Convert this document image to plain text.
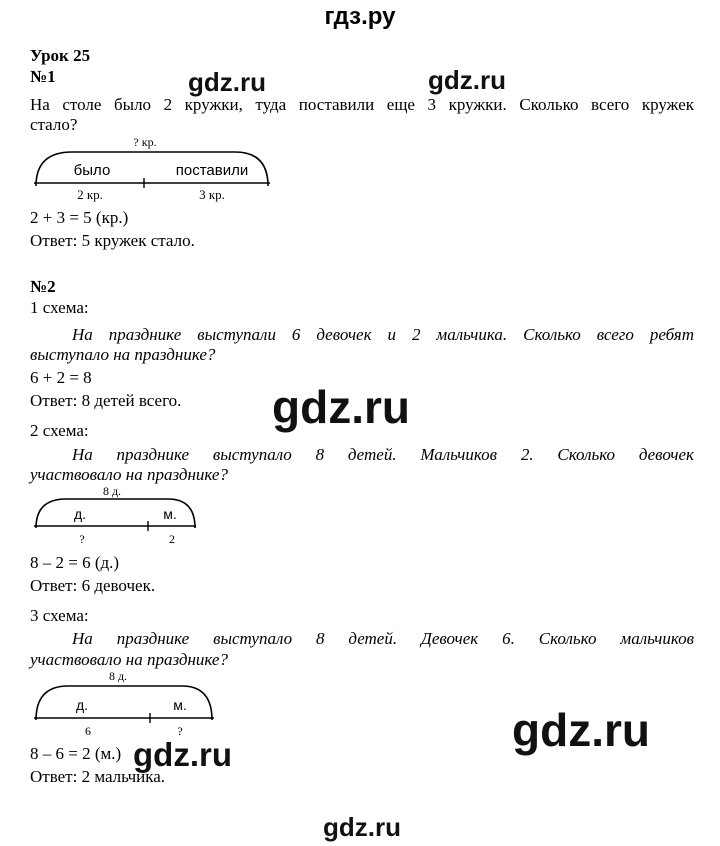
гдз.ру
Урок 25
№1
На столе было 2 кружки, туда поставили еще 3 кружки. Сколько всего кружек
стало?
? кр.
было	поставили
2 кр.	3 кр.
2 + 3 = 5 (кр.)
Ответ: 5 кружек стало.
№2
1 схема:
На празднике выступали 6 девочек и 2 мальчика. Сколько всего ребят
выступало на празднике?
6 + 2 = 8
Ответ: 8 детей всего.
2 схема:
На празднике выступало 8 детей. Мальчиков 2. Сколько девочек
участвовало на празднике?
8 д.
д.	м.
?	2
8 – 2 = 6 (д.)
Ответ: 6 девочек.
3 схема:
На празднике выступало 8 детей. Девочек 6. Сколько мальчиков
участвовало на празднике?
8 д.
д.	м.
6	?
8 – 6 = 2 (м.)
Ответ: 2 мальчика.
gdz.ru	gdz.ru
gdz.ru
gdz.ru
gdz.ru
gdz.ru
